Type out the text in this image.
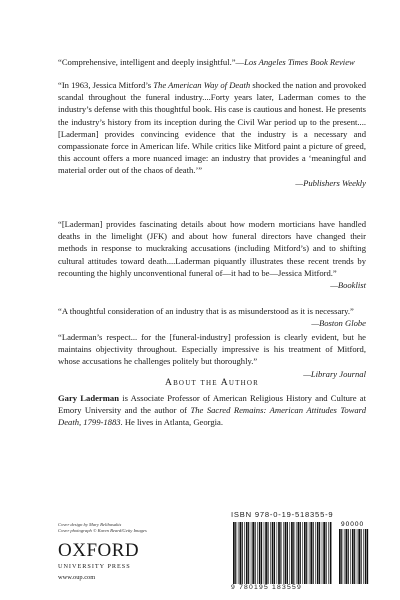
“Comprehensive, intelligent and deeply insightful.”—Los Angeles Times Book Review
“In 1963, Jessica Mitford’s The American Way of Death shocked the nation and provoked scandal throughout the funeral industry....Forty years later, Laderman comes to the industry’s defense with this thoughtful book. His case is cautious and honest. He presents the industry’s history from its inception during the Civil War period up to the present....[Laderman] provides convincing evidence that the industry is a necessary and compassionate force in American life. While critics like Mitford paint a picture of greed, this account offers a more nuanced image: an industry that provides a ‘meaningful and material order out of the chaos of death.’”
—Publishers Weekly
“[Laderman] provides fascinating details about how modern morticians have handled deaths in the limelight (JFK) and about how funeral directors have changed their methods in response to muckraking accusations (including Mitford’s) and to shifting cultural attitudes toward death....Laderman piquantly illustrates these recent trends by recounting the highly unconventional funeral of—it had to be—Jessica Mitford.”
—Booklist
“A thoughtful consideration of an industry that is as misunderstood as it is necessary.”
—Boston Globe
“Laderman’s respect... for the [funeral-industry] profession is clearly evident, but he maintains objectivity throughout. Especially impressive is his treatment of Mitford, whose accusations he challenges politely but thoroughly.”
—Library Journal
About the Author
Gary Laderman is Associate Professor of American Religious History and Culture at Emory University and the author of The Sacred Remains: American Attitudes Toward Death, 1799-1883. He lives in Atlanta, Georgia.
Cover design by Mary Belibasakis
Cover photograph © Karen Beard/Getty Images
OXFORD
UNIVERSITY PRESS
www.oup.com
ISBN 978-0-19-518355-9
90000
9 780195 183559
